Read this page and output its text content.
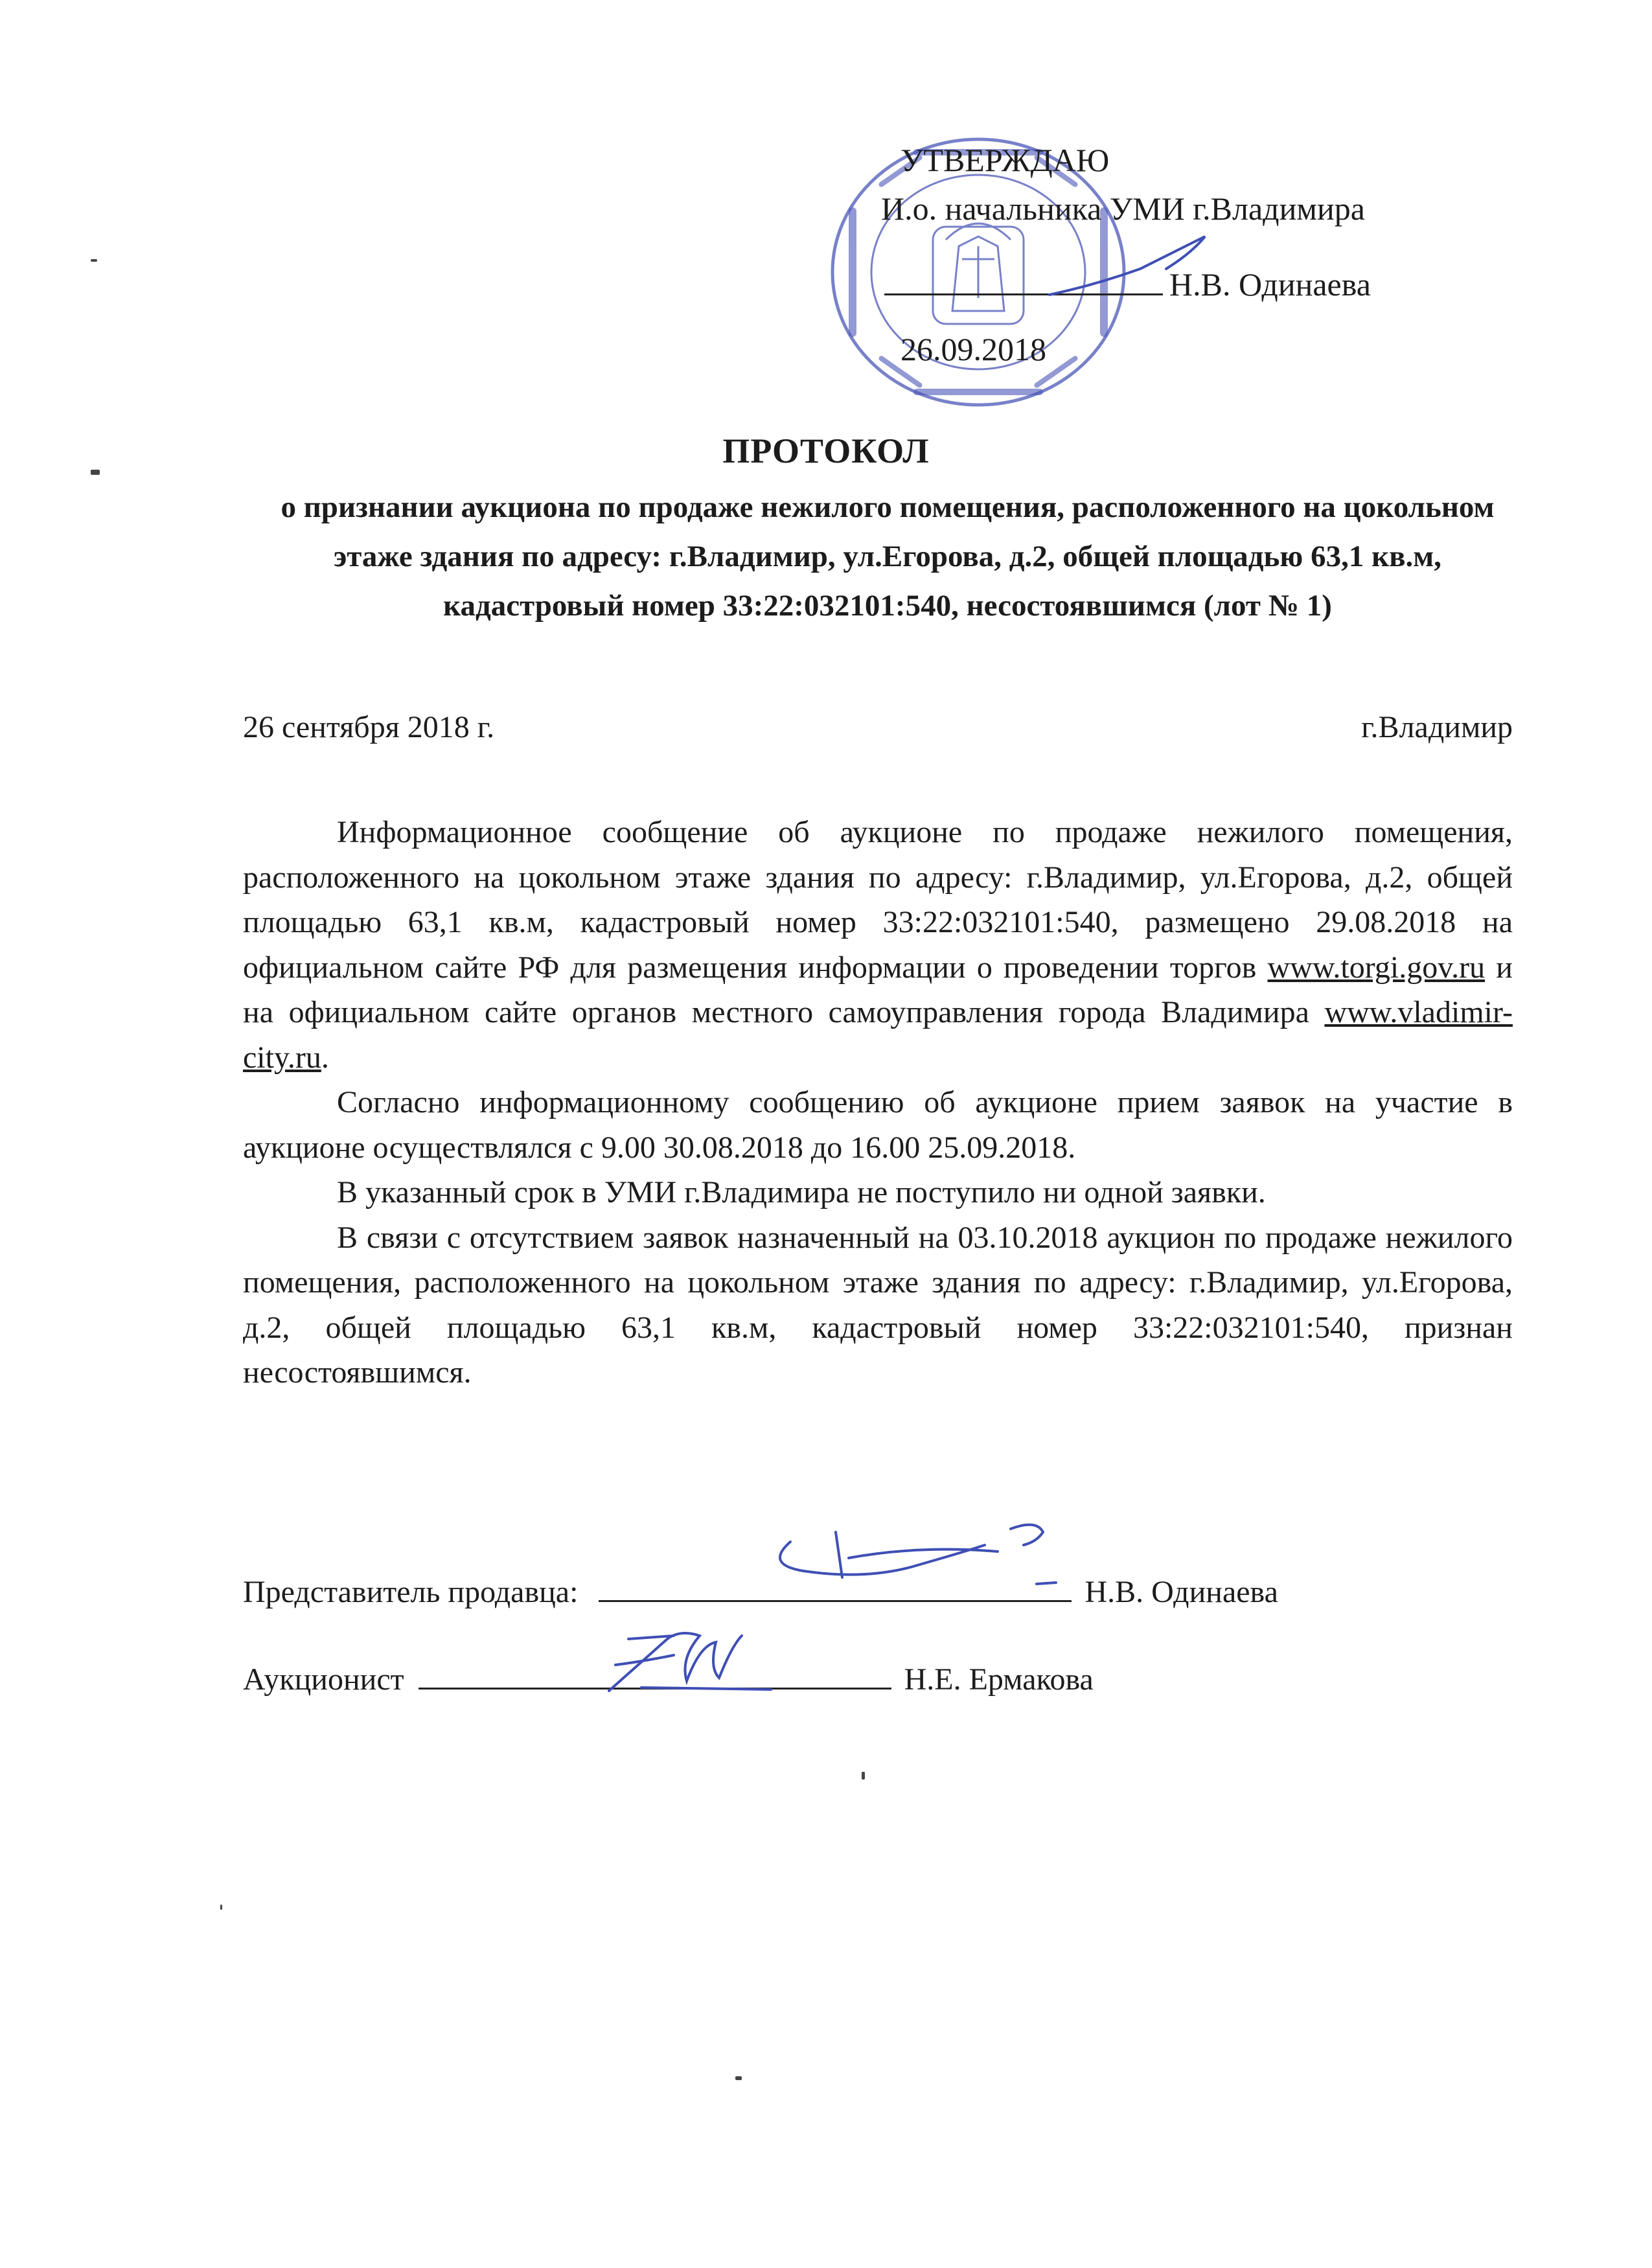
УТВЕРЖДАЮ
И.о. начальника УМИ г.Владимира
Н.В. Одинаева
26.09.2018
ПРОТОКОЛ
о признании аукциона по продаже нежилого помещения, расположенного на цокольном этаже здания по адресу: г.Владимир, ул.Егорова, д.2, общей площадью 63,1 кв.м, кадастровый номер 33:22:032101:540, несостоявшимся (лот № 1)
26 сентября 2018 г.	г.Владимир

Информационное сообщение об аукционе по продаже нежилого помещения, расположенного на цокольном этаже здания по адресу: г.Владимир, ул.Егорова, д.2, общей площадью 63,1 кв.м, кадастровый номер 33:22:032101:540, размещено 29.08.2018 на официальном сайте РФ для размещения информации о проведении торгов www.torgi.gov.ru и на официальном сайте органов местного самоуправления города Владимира www.vladimir-city.ru.

Согласно информационному сообщению об аукционе прием заявок на участие в аукционе осуществлялся с 9.00 30.08.2018 до 16.00 25.09.2018.

В указанный срок в УМИ г.Владимира не поступило ни одной заявки.

В связи с отсутствием заявок назначенный на 03.10.2018 аукцион по продаже нежилого помещения, расположенного на цокольном этаже здания по адресу: г.Владимир, ул.Егорова, д.2, общей площадью 63,1 кв.м, кадастровый номер 33:22:032101:540, признан несостоявшимся.

Представитель продавца:	Н.В. Одинаева
Аукционист	Н.Е. Ермакова
